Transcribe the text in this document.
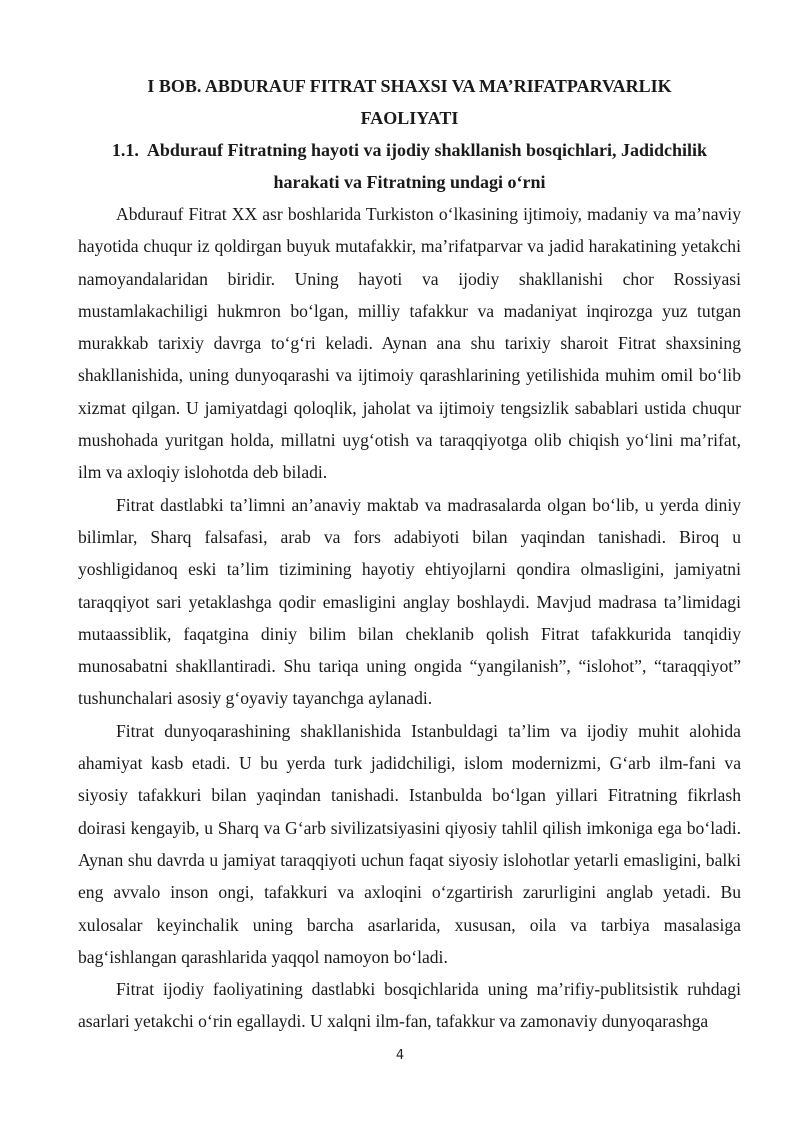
I BOB. ABDURAUF FITRAT SHAXSI VA MA’RIFATPARVARLIK
FAOLIYATI
1.1. Abdurauf Fitratning hayoti va ijodiy shakllanish bosqichlari, Jadidchilik
harakati va Fitratning undagi o‘rni

Abdurauf Fitrat XX asr boshlarida Turkiston o‘lkasining ijtimoiy, madaniy va ma’naviy hayotida chuqur iz qoldirgan buyuk mutafakkir, ma’rifatparvar va jadid harakatining yetakchi namoyandalaridan biridir. Uning hayoti va ijodiy shakllanishi chor Rossiyasi mustamlakachiligi hukmron bo‘lgan, milliy tafakkur va madaniyat inqirozga yuz tutgan murakkab tarixiy davrga to‘g‘ri keladi. Aynan ana shu tarixiy sharoit Fitrat shaxsining shakllanishida, uning dunyoqarashi va ijtimoiy qarashlarining yetilishida muhim omil bo‘lib xizmat qilgan. U jamiyatdagi qoloqlik, jaholat va ijtimoiy tengsizlik sabablari ustida chuqur mushohada yuritgan holda, millatni uyg‘otish va taraqqiyotga olib chiqish yo‘lini ma’rifat, ilm va axloqiy islohotda deb biladi.

Fitrat dastlabki ta’limni an’anaviy maktab va madrasalarda olgan bo‘lib, u yerda diniy bilimlar, Sharq falsafasi, arab va fors adabiyoti bilan yaqindan tanishadi. Biroq u yoshligidanoq eski ta’lim tizimining hayotiy ehtiyojlarni qondira olmasligini, jamiyatni taraqqiyot sari yetaklashga qodir emasligini anglay boshlaydi. Mavjud madrasa ta’limidagi mutaassiblik, faqatgina diniy bilim bilan cheklanib qolish Fitrat tafakkurida tanqidiy munosabatni shakllantiradi. Shu tariqa uning ongida “yangilanish”, “islohot”, “taraqqiyot” tushunchalari asosiy g‘oyaviy tayanchga aylanadi.

Fitrat dunyoqarashining shakllanishida Istanbuldagi ta’lim va ijodiy muhit alohida ahamiyat kasb etadi. U bu yerda turk jadidchiligi, islom modernizmi, G‘arb ilm-fani va siyosiy tafakkuri bilan yaqindan tanishadi. Istanbulda bo‘lgan yillari Fitratning fikrlash doirasi kengayib, u Sharq va G‘arb sivilizatsiyasini qiyosiy tahlil qilish imkoniga ega bo‘ladi. Aynan shu davrda u jamiyat taraqqiyoti uchun faqat siyosiy islohotlar yetarli emasligini, balki eng avvalo inson ongi, tafakkuri va axloqini o‘zgartirish zarurligini anglab yetadi. Bu xulosalar keyinchalik uning barcha asarlarida, xususan, oila va tarbiya masalasiga bag‘ishlangan qarashlarida yaqqol namoyon bo‘ladi.

Fitrat ijodiy faoliyatining dastlabki bosqichlarida uning ma’rifiy-publitsistik ruhdagi asarlari yetakchi o‘rin egallaydi. U xalqni ilm-fan, tafakkur va zamonaviy dunyoqarashga

4
